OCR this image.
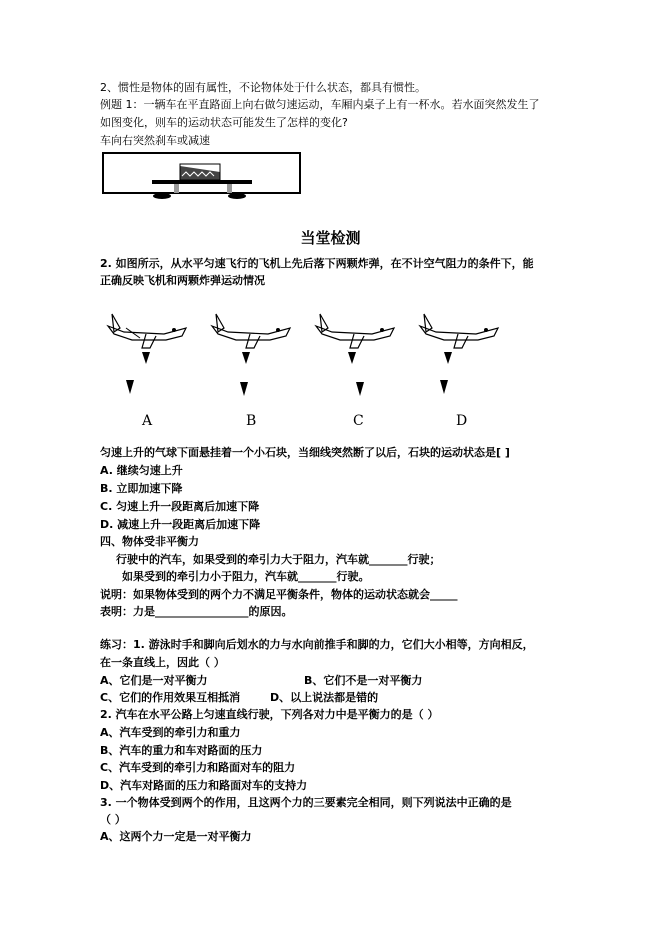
2、惯性是物体的固有属性，不论物体处于什么状态，都具有惯性。
例题 1：一辆车在平直路面上向右做匀速运动，车厢内桌子上有一杯水。若水面突然发生了
如图变化，则车的运动状态可能发生了怎样的变化?
车向右突然刹车或减速
当堂检测
2. 如图所示，从水平匀速飞行的飞机上先后落下两颗炸弹，在不计空气阻力的条件下，能
正确反映飞机和两颗炸弹运动情况
A	B	C	D
匀速上升的气球下面悬挂着一个小石块，当细线突然断了以后，石块的运动状态是[ ]
A. 继续匀速上升
B. 立即加速下降
C. 匀速上升一段距离后加速下降
D. 减速上升一段距离后加速下降
四、物体受非平衡力
行驶中的汽车，如果受到的牵引力大于阻力，汽车就_______行驶；
如果受到的牵引力小于阻力，汽车就_______行驶。
说明：如果物体受到的两个力不满足平衡条件，物体的运动状态就会_____
表明：力是_________________的原因。
练习：1. 游泳时手和脚向后划水的力与水向前推手和脚的力，它们大小相等，方向相反，
在一条直线上，因此（ ）
A、它们是一对平衡力	B、它们不是一对平衡力
C、它们的作用效果互相抵消	D、以上说法都是错的
2. 汽车在水平公路上匀速直线行驶，下列各对力中是平衡力的是（ ）
A、汽车受到的牵引力和重力
B、汽车的重力和车对路面的压力
C、汽车受到的牵引力和路面对车的阻力
D、汽车对路面的压力和路面对车的支持力
3. 一个物体受到两个的作用，且这两个力的三要素完全相同，则下列说法中正确的是
（ ）
A、这两个力一定是一对平衡力
